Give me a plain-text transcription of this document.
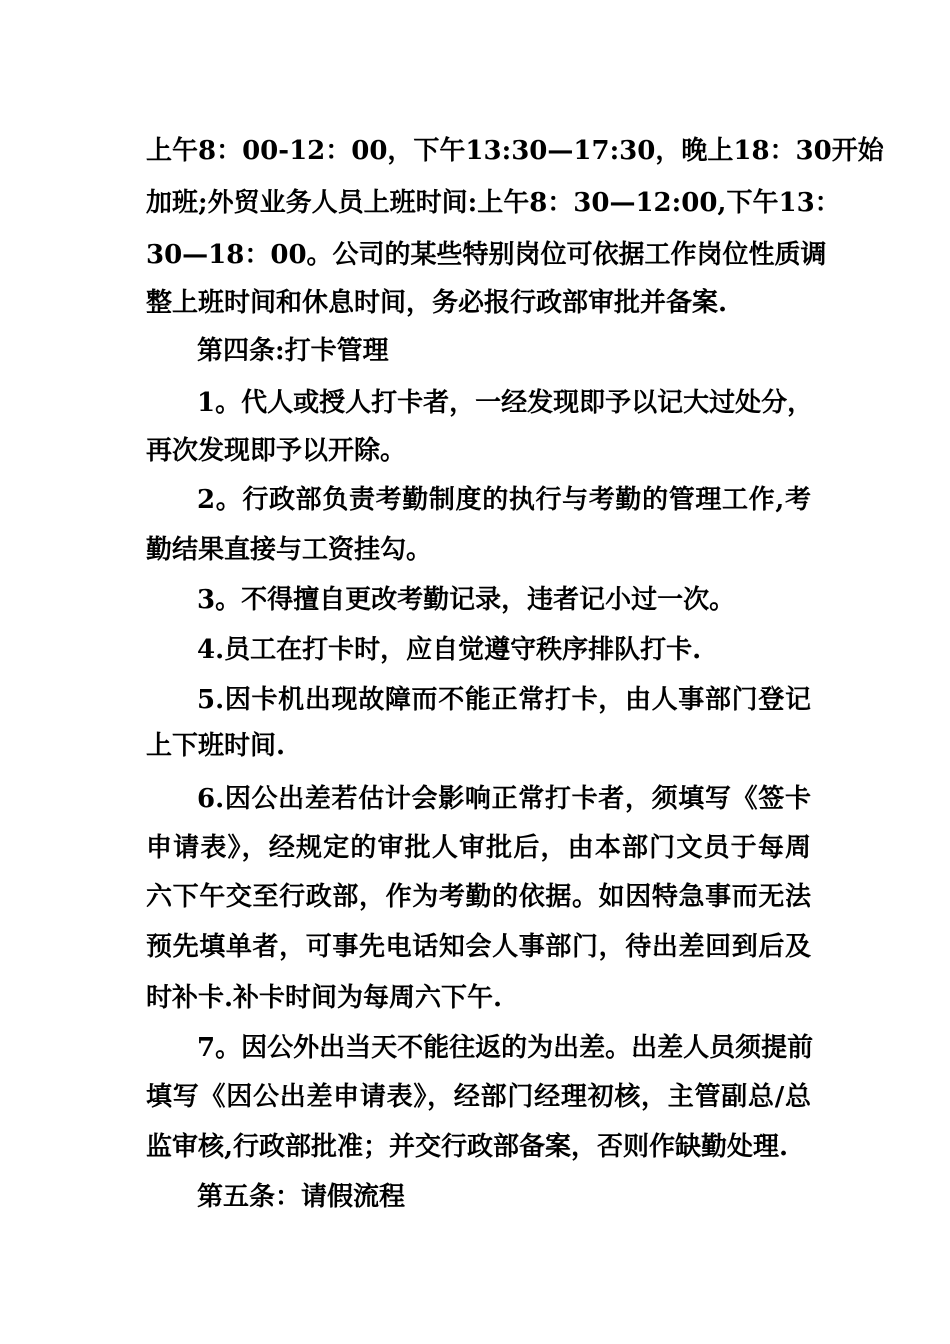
上午8：00-12：00，下午13:30—17:30，晚上18：30开始
加班;外贸业务人员上班时间:上午8：30—12:00,下午13：
30—18：00。公司的某些特别岗位可依据工作岗位性质调
整上班时间和休息时间，务必报行政部审批并备案.
第四条:打卡管理
1。代人或授人打卡者，一经发现即予以记大过处分，
再次发现即予以开除。
2。行政部负责考勤制度的执行与考勤的管理工作,考
勤结果直接与工资挂勾。
3。不得擅自更改考勤记录，违者记小过一次。
4.员工在打卡时，应自觉遵守秩序排队打卡.
5.因卡机出现故障而不能正常打卡，由人事部门登记
上下班时间.
6.因公出差若估计会影响正常打卡者，须填写《签卡
申请表》，经规定的审批人审批后，由本部门文员于每周
六下午交至行政部，作为考勤的依据。如因特急事而无法
预先填单者，可事先电话知会人事部门，待出差回到后及
时补卡.补卡时间为每周六下午.
7。因公外出当天不能往返的为出差。出差人员须提前
填写《因公出差申请表》，经部门经理初核，主管副总/总
监审核,行政部批准；并交行政部备案，否则作缺勤处理.
第五条：请假流程
